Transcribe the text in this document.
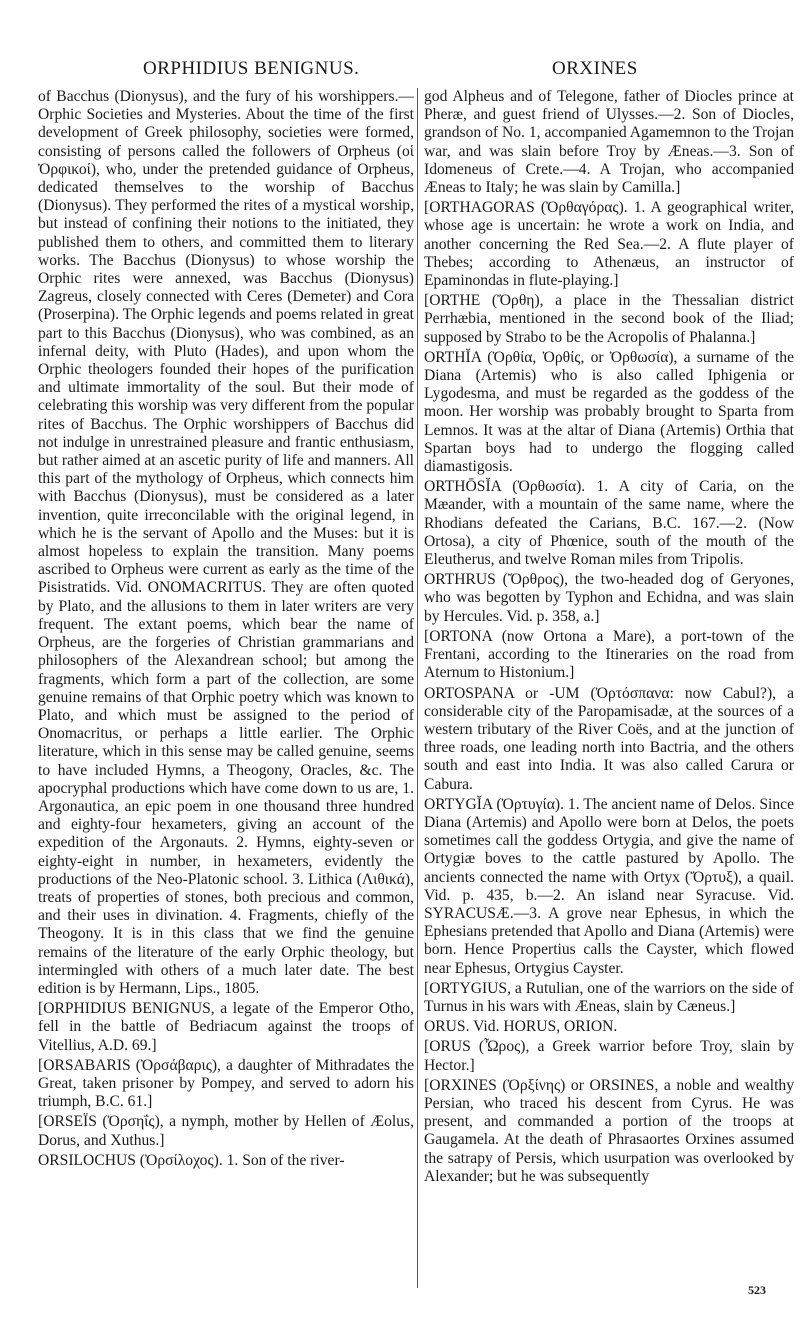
ORPHIDIUS BENIGNUS.	ORXINES

of Bacchus (Dionysus), and the fury of his worshippers.—Orphic Societies and Mysteries. About the time of the first development of Greek philosophy, societies were formed, consisting of persons called the followers of Orpheus (οἱ Ὀρφικοί), who, under the pretended guidance of Orpheus, dedicated themselves to the worship of Bacchus (Dionysus). They performed the rites of a mystical worship, but instead of confining their notions to the initiated, they published them to others, and committed them to literary works. The Bacchus (Dionysus) to whose worship the Orphic rites were annexed, was Bacchus (Dionysus) Zagreus, closely connected with Ceres (Demeter) and Cora (Proserpina). The Orphic legends and poems related in great part to this Bacchus (Dionysus), who was combined, as an infernal deity, with Pluto (Hades), and upon whom the Orphic theologers founded their hopes of the purification and ultimate immortality of the soul. But their mode of celebrating this worship was very different from the popular rites of Bacchus. The Orphic worshippers of Bacchus did not indulge in unrestrained pleasure and frantic enthusiasm, but rather aimed at an ascetic purity of life and manners. All this part of the mythology of Orpheus, which connects him with Bacchus (Dionysus), must be considered as a later invention, quite irreconcilable with the original legend, in which he is the servant of Apollo and the Muses: but it is almost hopeless to explain the transition. Many poems ascribed to Orpheus were current as early as the time of the Pisistratids. Vid. ONOMACRITUS. They are often quoted by Plato, and the allusions to them in later writers are very frequent. The extant poems, which bear the name of Orpheus, are the forgeries of Christian grammarians and philosophers of the Alexandrean school; but among the fragments, which form a part of the collection, are some genuine remains of that Orphic poetry which was known to Plato, and which must be assigned to the period of Onomacritus, or perhaps a little earlier. The Orphic literature, which in this sense may be called genuine, seems to have included Hymns, a Theogony, Oracles, &c. The apocryphal productions which have come down to us are, 1. Argonautica, an epic poem in one thousand three hundred and eighty-four hexameters, giving an account of the expedition of the Argonauts. 2. Hymns, eighty-seven or eighty-eight in number, in hexameters, evidently the productions of the Neo-Platonic school. 3. Lithica (Λιθικά), treats of properties of stones, both precious and common, and their uses in divination. 4. Fragments, chiefly of the Theogony. It is in this class that we find the genuine remains of the literature of the early Orphic theology, but intermingled with others of a much later date. The best edition is by Hermann, Lips., 1805.

[ORPHIDIUS BENIGNUS, a legate of the Emperor Otho, fell in the battle of Bedriacum against the troops of Vitellius, A.D. 69.]

[ORSABARIS (Ὀρσάβαρις), a daughter of Mithradates the Great, taken prisoner by Pompey, and served to adorn his triumph, B.C. 61.]

[ORSEÏS (Ὀρσηΐς), a nymph, mother by Hellen of Æolus, Dorus, and Xuthus.]

ORSILOCHUS (Ὀρσίλοχος). 1. Son of the river-

god Alpheus and of Telegone, father of Diocles prince at Pheræ, and guest friend of Ulysses.—2. Son of Diocles, grandson of No. 1, accompanied Agamemnon to the Trojan war, and was slain before Troy by Æneas.—3. Son of Idomeneus of Crete.—4. A Trojan, who accompanied Æneas to Italy; he was slain by Camilla.]

[ORTHAGORAS (Ὀρθαγόρας). 1. A geographical writer, whose age is uncertain: he wrote a work on India, and another concerning the Red Sea.—2. A flute player of Thebes; according to Athenæus, an instructor of Epaminondas in flute-playing.]

[ORTHE (Ὄρθη), a place in the Thessalian district Perrhæbia, mentioned in the second book of the Iliad; supposed by Strabo to be the Acropolis of Phalanna.]

ORTHĬA (Ὀρθία, Ὀρθίς, or Ὀρθωσία), a surname of the Diana (Artemis) who is also called Iphigenia or Lygodesma, and must be regarded as the goddess of the moon. Her worship was probably brought to Sparta from Lemnos. It was at the altar of Diana (Artemis) Orthia that Spartan boys had to undergo the flogging called diamastigosis.

ORTHŌSĬA (Ὀρθωσία). 1. A city of Caria, on the Mæander, with a mountain of the same name, where the Rhodians defeated the Carians, B.C. 167.—2. (Now Ortosa), a city of Phœnice, south of the mouth of the Eleutherus, and twelve Roman miles from Tripolis.

ORTHRUS (Ὄρθρος), the two-headed dog of Geryones, who was begotten by Typhon and Echidna, and was slain by Hercules. Vid. p. 358, a.]

[ORTONA (now Ortona a Mare), a port-town of the Frentani, according to the Itineraries on the road from Aternum to Histonium.]

ORTOSPANA or -UM (Ὀρτόσπανα: now Cabul?), a considerable city of the Paropamisadæ, at the sources of a western tributary of the River Coës, and at the junction of three roads, one leading north into Bactria, and the others south and east into India. It was also called Carura or Cabura.

ORTYGĬA (Ὀρτυγία). 1. The ancient name of Delos. Since Diana (Artemis) and Apollo were born at Delos, the poets sometimes call the goddess Ortygia, and give the name of Ortygiæ boves to the cattle pastured by Apollo. The ancients connected the name with Ortyx (Ὄρτυξ), a quail. Vid. p. 435, b.—2. An island near Syracuse. Vid. SYRACUSÆ.—3. A grove near Ephesus, in which the Ephesians pretended that Apollo and Diana (Artemis) were born. Hence Propertius calls the Cayster, which flowed near Ephesus, Ortygius Cayster.

[ORTYGIUS, a Rutulian, one of the warriors on the side of Turnus in his wars with Æneas, slain by Cæneus.]

ORUS. Vid. HORUS, ORION.

[ORUS (Ὦρος), a Greek warrior before Troy, slain by Hector.]

[ORXINES (Ὀρξίνης) or ORSINES, a noble and wealthy Persian, who traced his descent from Cyrus. He was present, and commanded a portion of the troops at Gaugamela. At the death of Phrasaortes Orxines assumed the satrapy of Persis, which usurpation was overlooked by Alexander; but he was subsequently

523
